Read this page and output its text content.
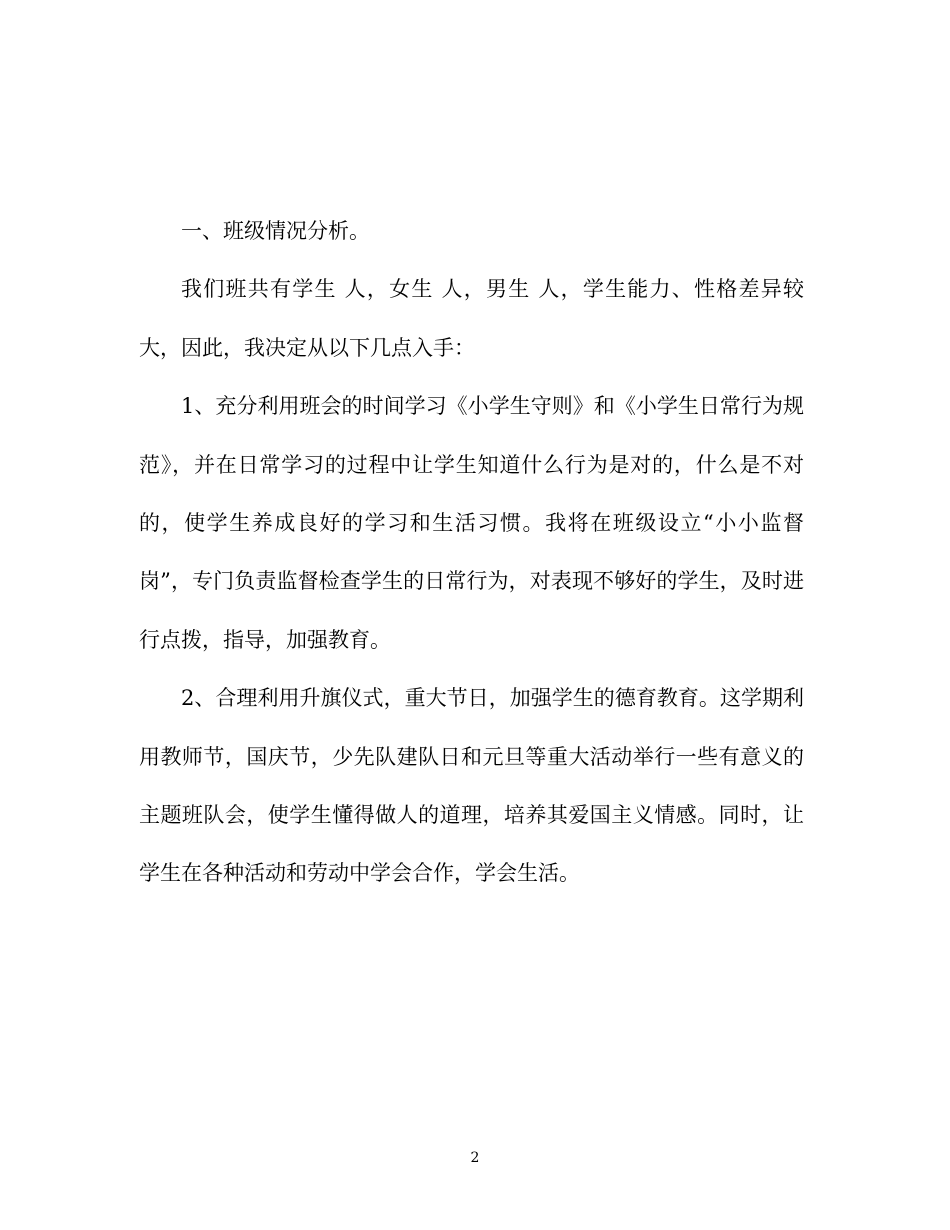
一、班级情况分析。

我们班共有学生 人，女生 人，男生 人，学生能力、性格差异较大，因此，我决定从以下几点入手：

1、充分利用班会的时间学习《小学生守则》和《小学生日常行为规范》，并在日常学习的过程中让学生知道什么行为是对的，什么是不对的，使学生养成良好的学习和生活习惯。我将在班级设立“小小监督岗”，专门负责监督检查学生的日常行为，对表现不够好的学生，及时进行点拨，指导，加强教育。

2、合理利用升旗仪式，重大节日，加强学生的德育教育。这学期利用教师节，国庆节，少先队建队日和元旦等重大活动举行一些有意义的主题班队会，使学生懂得做人的道理，培养其爱国主义情感。同时，让学生在各种活动和劳动中学会合作，学会生活。

2
